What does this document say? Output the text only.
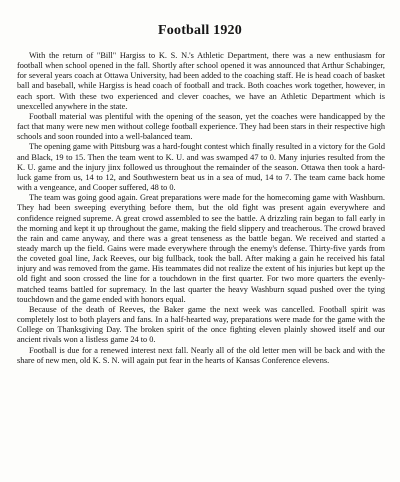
Football 1920

With the return of "Bill" Hargiss to K. S. N.'s Athletic Department, there was a new enthusiasm for football when school opened in the fall. Shortly after school opened it was announced that Arthur Schabinger, for several years coach at Ottawa University, had been added to the coaching staff. He is head coach of basket ball and baseball, while Hargiss is head coach of football and track. Both coaches work together, however, in each sport. With these two experienced and clever coaches, we have an Athletic Department which is unexcelled anywhere in the state.

Football material was plentiful with the opening of the season, yet the coaches were handicapped by the fact that many were new men without college football experience. They had been stars in their respective high schools and soon rounded into a well-balanced team.

The opening game with Pittsburg was a hard-fought contest which finally resulted in a victory for the Gold and Black, 19 to 15. Then the team went to K. U. and was swamped 47 to 0. Many injuries resulted from the K. U. game and the injury jinx followed us throughout the remainder of the season. Ottawa then took a hard-luck game from us, 14 to 12, and Southwestern beat us in a sea of mud, 14 to 7. The team came back home with a vengeance, and Cooper suffered, 48 to 0.

The team was going good again. Great preparations were made for the homecoming game with Washburn. They had been sweeping everything before them, but the old fight was present again everywhere and confidence reigned supreme. A great crowd assembled to see the battle. A drizzling rain began to fall early in the morning and kept it up throughout the game, making the field slippery and treacherous. The crowd braved the rain and came anyway, and there was a great tenseness as the battle began. We received and started a steady march up the field. Gains were made everywhere through the enemy's defense. Thirty-five yards from the coveted goal line, Jack Reeves, our big fullback, took the ball. After making a gain he received his fatal injury and was removed from the game. His teammates did not realize the extent of his injuries but kept up the old fight and soon crossed the line for a touchdown in the first quarter. For two more quarters the evenly-matched teams battled for supremacy. In the last quarter the heavy Washburn squad pushed over the tying touchdown and the game ended with honors equal.

Because of the death of Reeves, the Baker game the next week was cancelled. Football spirit was completely lost to both players and fans. In a half-hearted way, preparations were made for the game with the College on Thanksgiving Day. The broken spirit of the once fighting eleven plainly showed itself and our ancient rivals won a listless game 24 to 0.

Football is due for a renewed interest next fall. Nearly all of the old letter men will be back and with the share of new men, old K. S. N. will again put fear in the hearts of Kansas Conference elevens.
